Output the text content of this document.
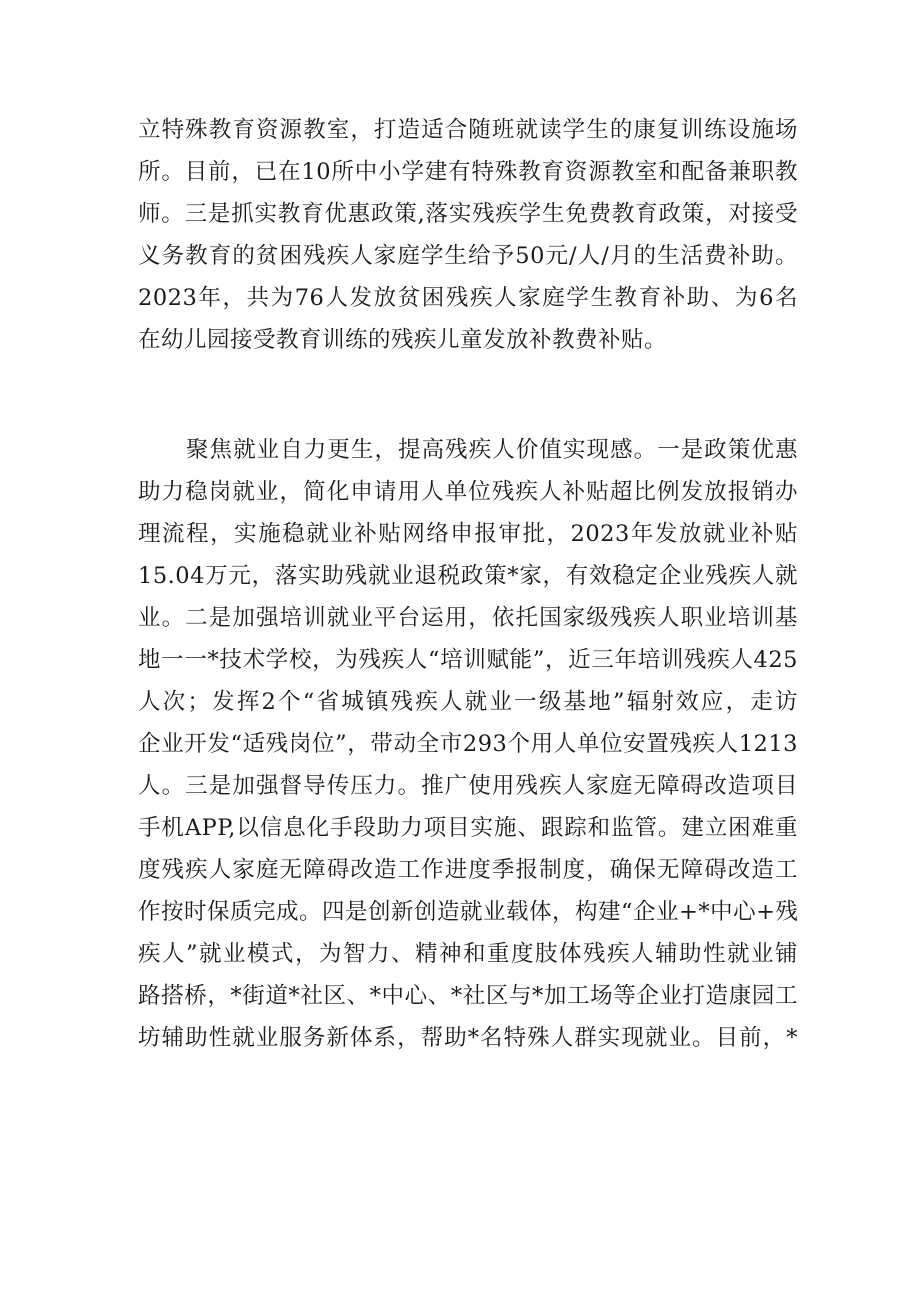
立特殊教育资源教室，打造适合随班就读学生的康复训练设施场
所。目前，已在10所中小学建有特殊教育资源教室和配备兼职教
师。三是抓实教育优惠政策,落实残疾学生免费教育政策，对接受
义务教育的贫困残疾人家庭学生给予50元/人/月的生活费补助。
2023年，共为76人发放贫困残疾人家庭学生教育补助、为6名
在幼儿园接受教育训练的残疾儿童发放补教费补贴。
聚焦就业自力更生，提高残疾人价值实现感。一是政策优惠
助力稳岗就业，简化申请用人单位残疾人补贴超比例发放报销办
理流程，实施稳就业补贴网络申报审批，2023年发放就业补贴
15.04万元，落实助残就业退税政策*家，有效稳定企业残疾人就
业。二是加强培训就业平台运用，依托国家级残疾人职业培训基
地一一*技术学校，为残疾人“培训赋能”，近三年培训残疾人425
人次；发挥2个“省城镇残疾人就业一级基地”辐射效应，走访
企业开发“适残岗位”，带动全市293个用人单位安置残疾人1213
人。三是加强督导传压力。推广使用残疾人家庭无障碍改造项目
手机APP,以信息化手段助力项目实施、跟踪和监管。建立困难重
度残疾人家庭无障碍改造工作进度季报制度，确保无障碍改造工
作按时保质完成。四是创新创造就业载体，构建“企业+*中心+残
疾人”就业模式，为智力、精神和重度肢体残疾人辅助性就业铺
路搭桥，*街道*社区、*中心、*社区与*加工场等企业打造康园工
坊辅助性就业服务新体系，帮助*名特殊人群实现就业。目前，*
